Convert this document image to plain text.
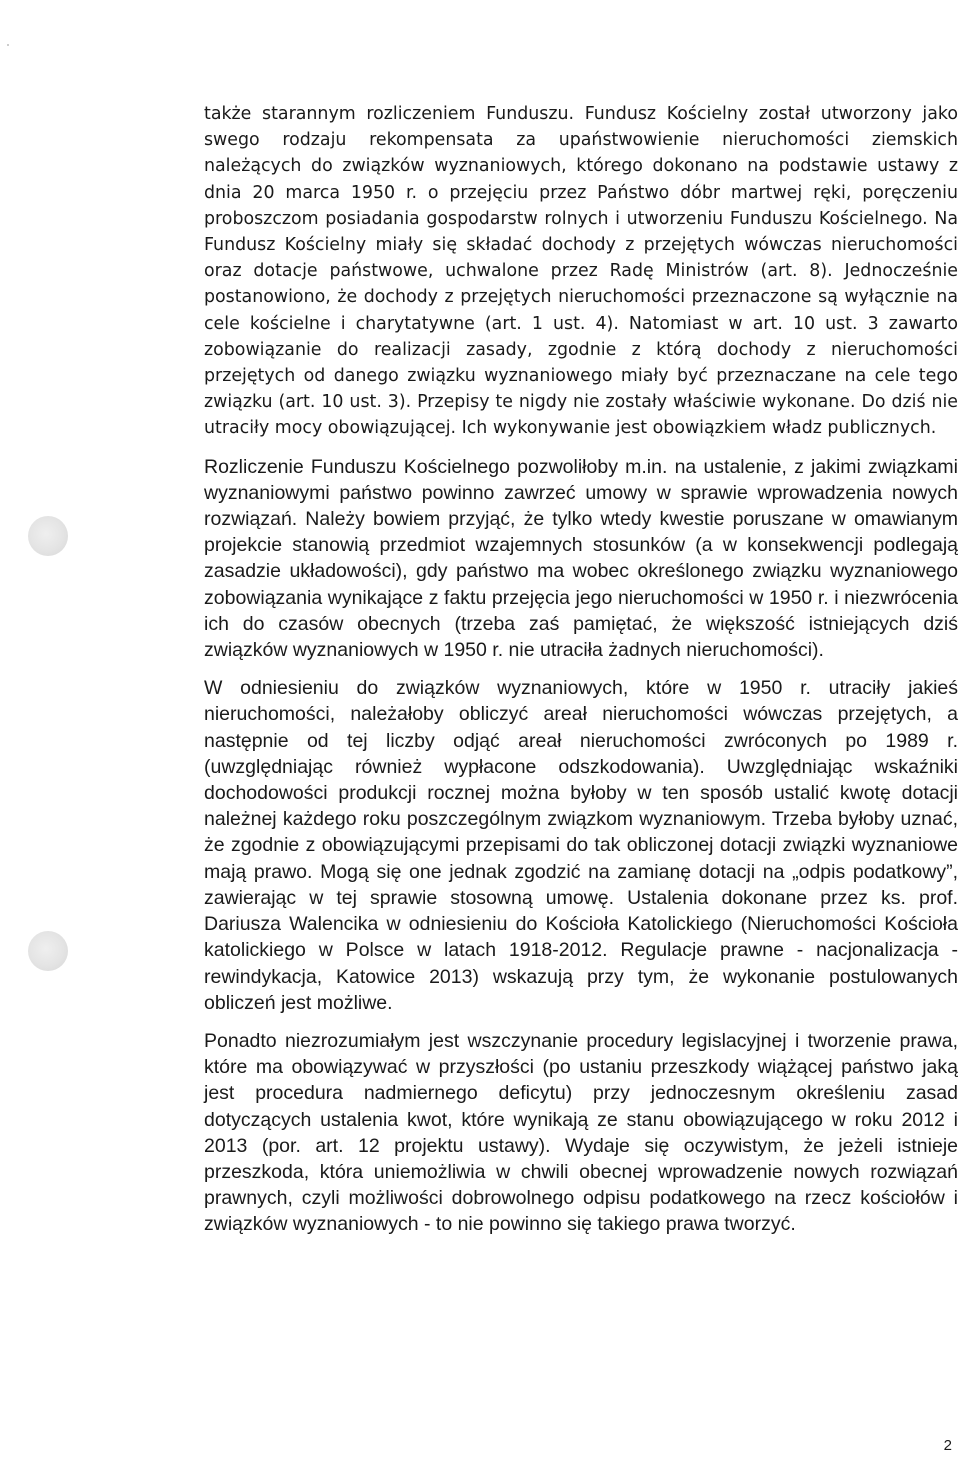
także starannym rozliczeniem Funduszu. Fundusz Kościelny został utworzony jako swego rodzaju rekompensata za upaństwowienie nieruchomości ziemskich należących do związków wyznaniowych, którego dokonano na podstawie ustawy z dnia 20 marca 1950 r. o przejęciu przez Państwo dóbr martwej ręki, poręczeniu proboszczom posiadania gospodarstw rolnych i utworzeniu Funduszu Kościelnego. Na Fundusz Kościelny miały się składać dochody z przejętych wówczas nieruchomości oraz dotacje państwowe, uchwalone przez Radę Ministrów (art. 8). Jednocześnie postanowiono, że dochody z przejętych nieruchomości przeznaczone są wyłącznie na cele kościelne i charytatywne (art. 1 ust. 4). Natomiast w art. 10 ust. 3 zawarto zobowiązanie do realizacji zasady, zgodnie z którą dochody z nieruchomości przejętych od danego związku wyznaniowego miały być przeznaczane na cele tego związku (art. 10 ust. 3). Przepisy te nigdy nie zostały właściwie wykonane. Do dziś nie utraciły mocy obowiązującej. Ich wykonywanie jest obowiązkiem władz publicznych.

Rozliczenie Funduszu Kościelnego pozwoliłoby m.in. na ustalenie, z jakimi związkami wyznaniowymi państwo powinno zawrzeć umowy w sprawie wprowadzenia nowych rozwiązań. Należy bowiem przyjąć, że tylko wtedy kwestie poruszane w omawianym projekcie stanowią przedmiot wzajemnych stosunków (a w konsekwencji podlegają zasadzie układowości), gdy państwo ma wobec określonego związku wyznaniowego zobowiązania wynikające z faktu przejęcia jego nieruchomości w 1950 r. i niezwrócenia ich do czasów obecnych (trzeba zaś pamiętać, że większość istniejących dziś związków wyznaniowych w 1950 r. nie utraciła żadnych nieruchomości).

W odniesieniu do związków wyznaniowych, które w 1950 r. utraciły jakieś nieruchomości, należałoby obliczyć areał nieruchomości wówczas przejętych, a następnie od tej liczby odjąć areał nieruchomości zwróconych po 1989 r. (uwzględniając również wypłacone odszkodowania). Uwzględniając wskaźniki dochodowości produkcji rocznej można byłoby w ten sposób ustalić kwotę dotacji należnej każdego roku poszczególnym związkom wyznaniowym. Trzeba byłoby uznać, że zgodnie z obowiązującymi przepisami do tak obliczonej dotacji związki wyznaniowe mają prawo. Mogą się one jednak zgodzić na zamianę dotacji na „odpis podatkowy”, zawierając w tej sprawie stosowną umowę. Ustalenia dokonane przez ks. prof. Dariusza Walencika w odniesieniu do Kościoła Katolickiego (Nieruchomości Kościoła katolickiego w Polsce w latach 1918-2012. Regulacje prawne - nacjonalizacja - rewindykacja, Katowice 2013) wskazują przy tym, że wykonanie postulowanych obliczeń jest możliwe.

Ponadto niezrozumiałym jest wszczynanie procedury legislacyjnej i tworzenie prawa, które ma obowiązywać w przyszłości (po ustaniu przeszkody wiążącej państwo jaką jest procedura nadmiernego deficytu) przy jednoczesnym określeniu zasad dotyczących ustalenia kwot, które wynikają ze stanu obowiązującego w roku 2012 i 2013 (por. art. 12 projektu ustawy). Wydaje się oczywistym, że jeżeli istnieje przeszkoda, która uniemożliwia w chwili obecnej wprowadzenie nowych rozwiązań prawnych, czyli możliwości dobrowolnego odpisu podatkowego na rzecz kościołów i związków wyznaniowych - to nie powinno się takiego prawa tworzyć.

2
